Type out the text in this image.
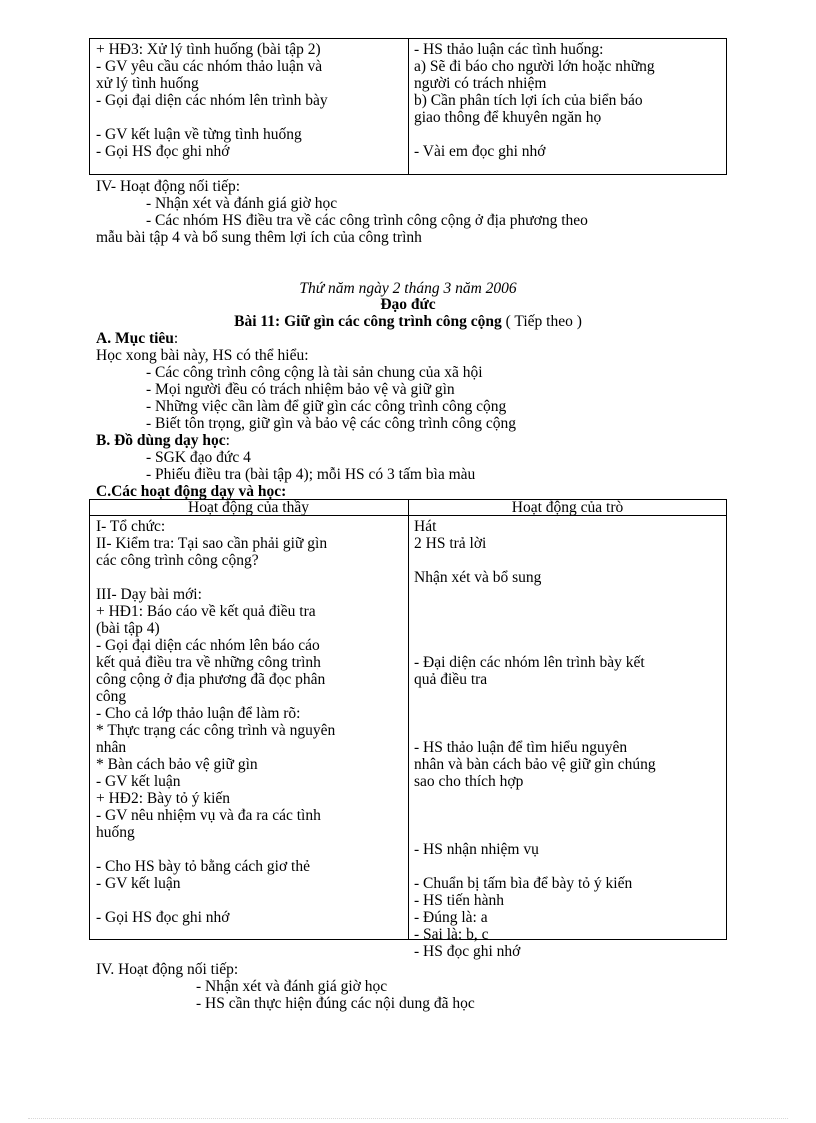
+ HĐ3: Xử lý tình huống (bài tập 2)
- GV yêu cầu các nhóm thảo luận và
xử lý tình huống
- Gọi đại diện các nhóm lên trình bày
- GV kết luận về từng tình huống
- Gọi HS đọc ghi nhớ
- HS thảo luận các tình huống:
a) Sẽ đi báo cho người lớn hoặc những
người có trách nhiệm
b) Cần phân tích lợi ích của biển báo
giao thông để khuyên ngăn họ
- Vài em đọc ghi nhớ
IV- Hoạt động nối tiếp:
- Nhận xét và đánh giá giờ học
- Các nhóm HS điều tra về các công trình công cộng ở địa phương theo
mẫu bài tập 4 và bổ sung thêm lợi ích của công trình
Thứ năm ngày 2 tháng 3 năm 2006
Đạo đức
Bài 11: Giữ gìn các công trình công cộng ( Tiếp theo )
A. Mục tiêu:
Học xong bài này, HS có thể hiểu:
- Các công trình công cộng là tài sản chung của xã hội
- Mọi người đều có trách nhiệm bảo vệ và giữ gìn
- Những việc cần làm để giữ gìn các công trình công cộng
- Biết tôn trọng, giữ gìn và bảo vệ các công trình công cộng
B. Đồ dùng dạy học:
- SGK đạo đức 4
- Phiếu điều tra (bài tập 4); mỗi HS có 3 tấm bìa màu
C.Các hoạt động dạy và học:
Hoạt động của thầy	Hoạt động của trò
I- Tổ chức:
II- Kiểm tra: Tại sao cần phải giữ gìn
các công trình công cộng?
III- Dạy bài mới:
+ HĐ1: Báo cáo về kết quả điều tra
(bài tập 4)
- Gọi đại diện các nhóm lên báo cáo
kết quả điều tra về những công trình
công cộng ở địa phương đã đọc phân
công
- Cho cả lớp thảo luận để làm rõ:
* Thực trạng các công trình và nguyên
nhân
* Bàn cách bảo vệ giữ gìn
- GV kết luận
+ HĐ2: Bày tỏ ý kiến
- GV nêu nhiệm vụ và đa ra các tình
huống
- Cho HS bày tỏ bằng cách giơ thẻ
- GV kết luận
- Gọi HS đọc ghi nhớ
Hát
2 HS trả lời
Nhận xét và bổ sung
- Đại diện các nhóm lên trình bày kết
quả điều tra
- HS thảo luận để tìm hiểu nguyên
nhân và bàn cách bảo vệ giữ gìn chúng
sao cho thích hợp
- HS nhận nhiệm vụ
- Chuẩn bị tấm bìa để bày tỏ ý kiến
- HS tiến hành
- Đúng là: a
- Sai là: b, c
- HS đọc ghi nhớ
IV. Hoạt động nối tiếp:
- Nhận xét và đánh giá giờ học
- HS cần thực hiện đúng các nội dung đã học
